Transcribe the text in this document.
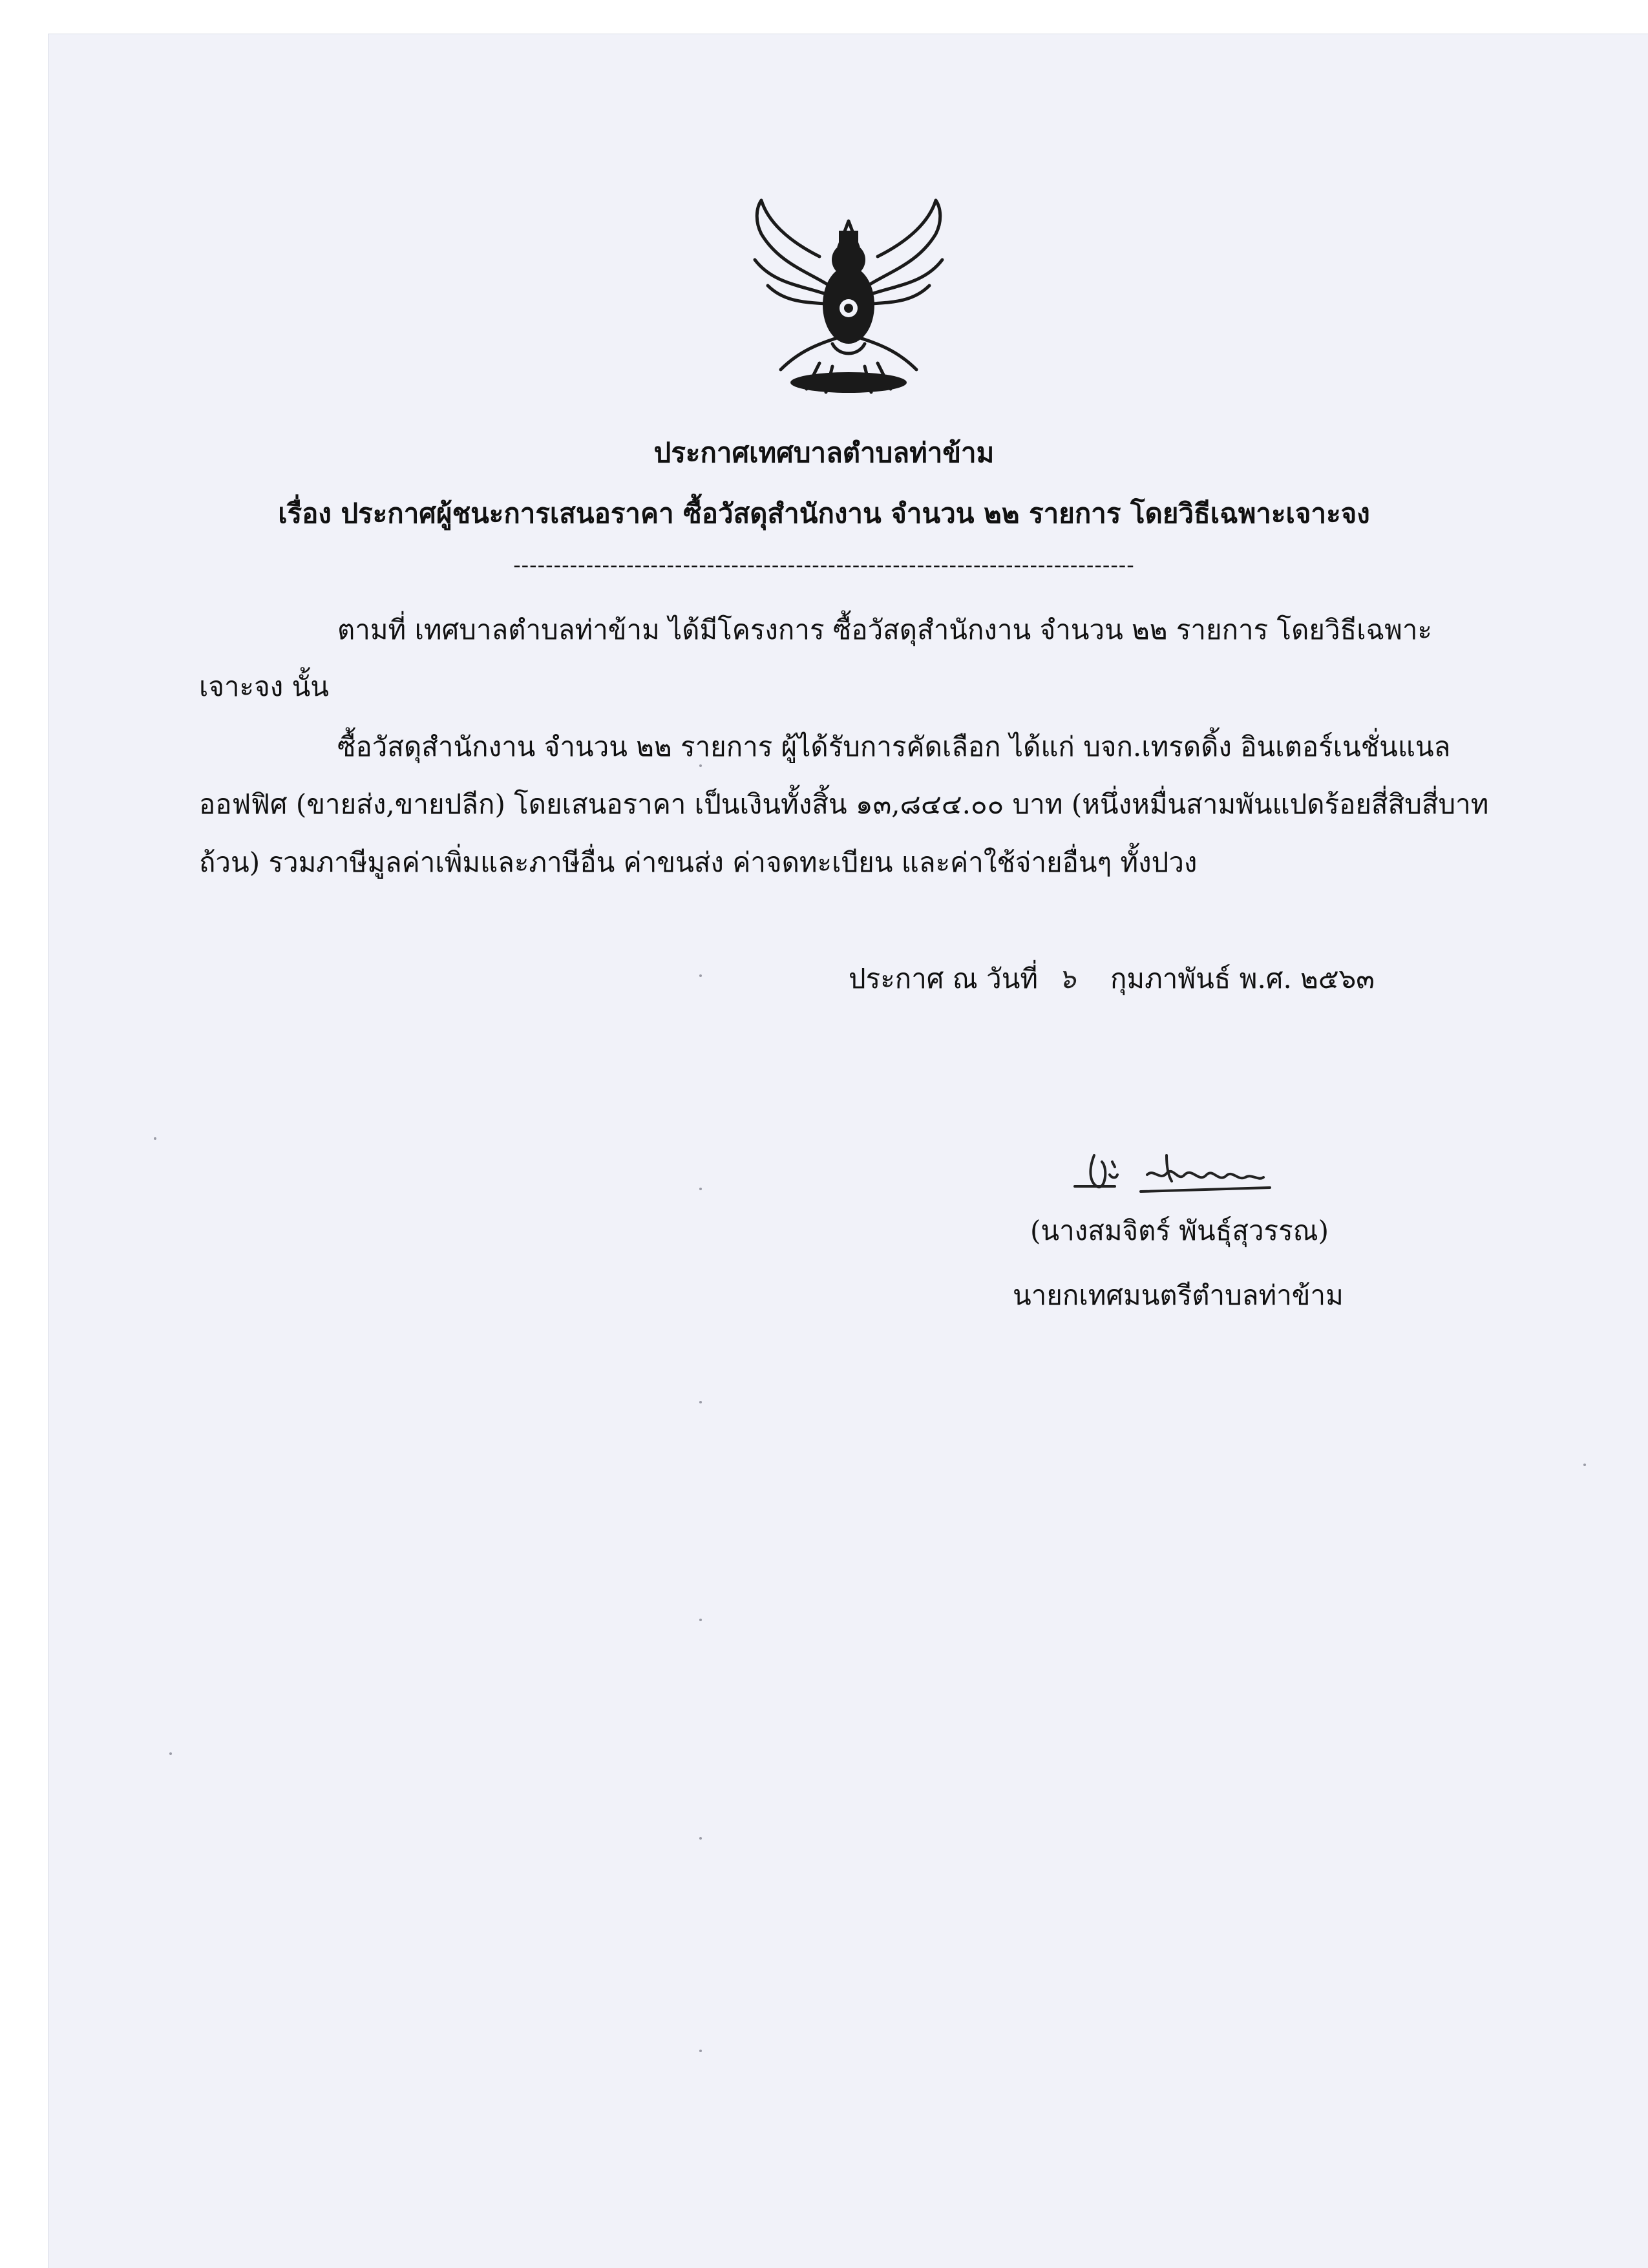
ประกาศเทศบาลตำบลท่าข้าม
เรื่อง ประกาศผู้ชนะการเสนอราคา ซื้อวัสดุสำนักงาน จำนวน ๒๒ รายการ โดยวิธีเฉพาะเจาะจง
-----------------------------------------------------------------------------
ตามที่ เทศบาลตำบลท่าข้าม ได้มีโครงการ ซื้อวัสดุสำนักงาน จำนวน ๒๒ รายการ โดยวิธีเฉพาะ
เจาะจง นั้น
ซื้อวัสดุสำนักงาน จำนวน ๒๒ รายการ ผู้ได้รับการคัดเลือก ได้แก่ บจก.เทรดดิ้ง อินเตอร์เนชั่นแนล
ออฟฟิศ (ขายส่ง,ขายปลีก) โดยเสนอราคา เป็นเงินทั้งสิ้น ๑๓,๘๔๔.๐๐ บาท (หนึ่งหมื่นสามพันแปดร้อยสี่สิบสี่บาท
ถ้วน) รวมภาษีมูลค่าเพิ่มและภาษีอื่น ค่าขนส่ง ค่าจดทะเบียน และค่าใช้จ่ายอื่นๆ ทั้งปวง
ประกาศ ณ วันที่ ๖ กุมภาพันธ์ พ.ศ. ๒๕๖๓
(นางสมจิตร์ พันธุ์สุวรรณ)
นายกเทศมนตรีตำบลท่าข้าม
